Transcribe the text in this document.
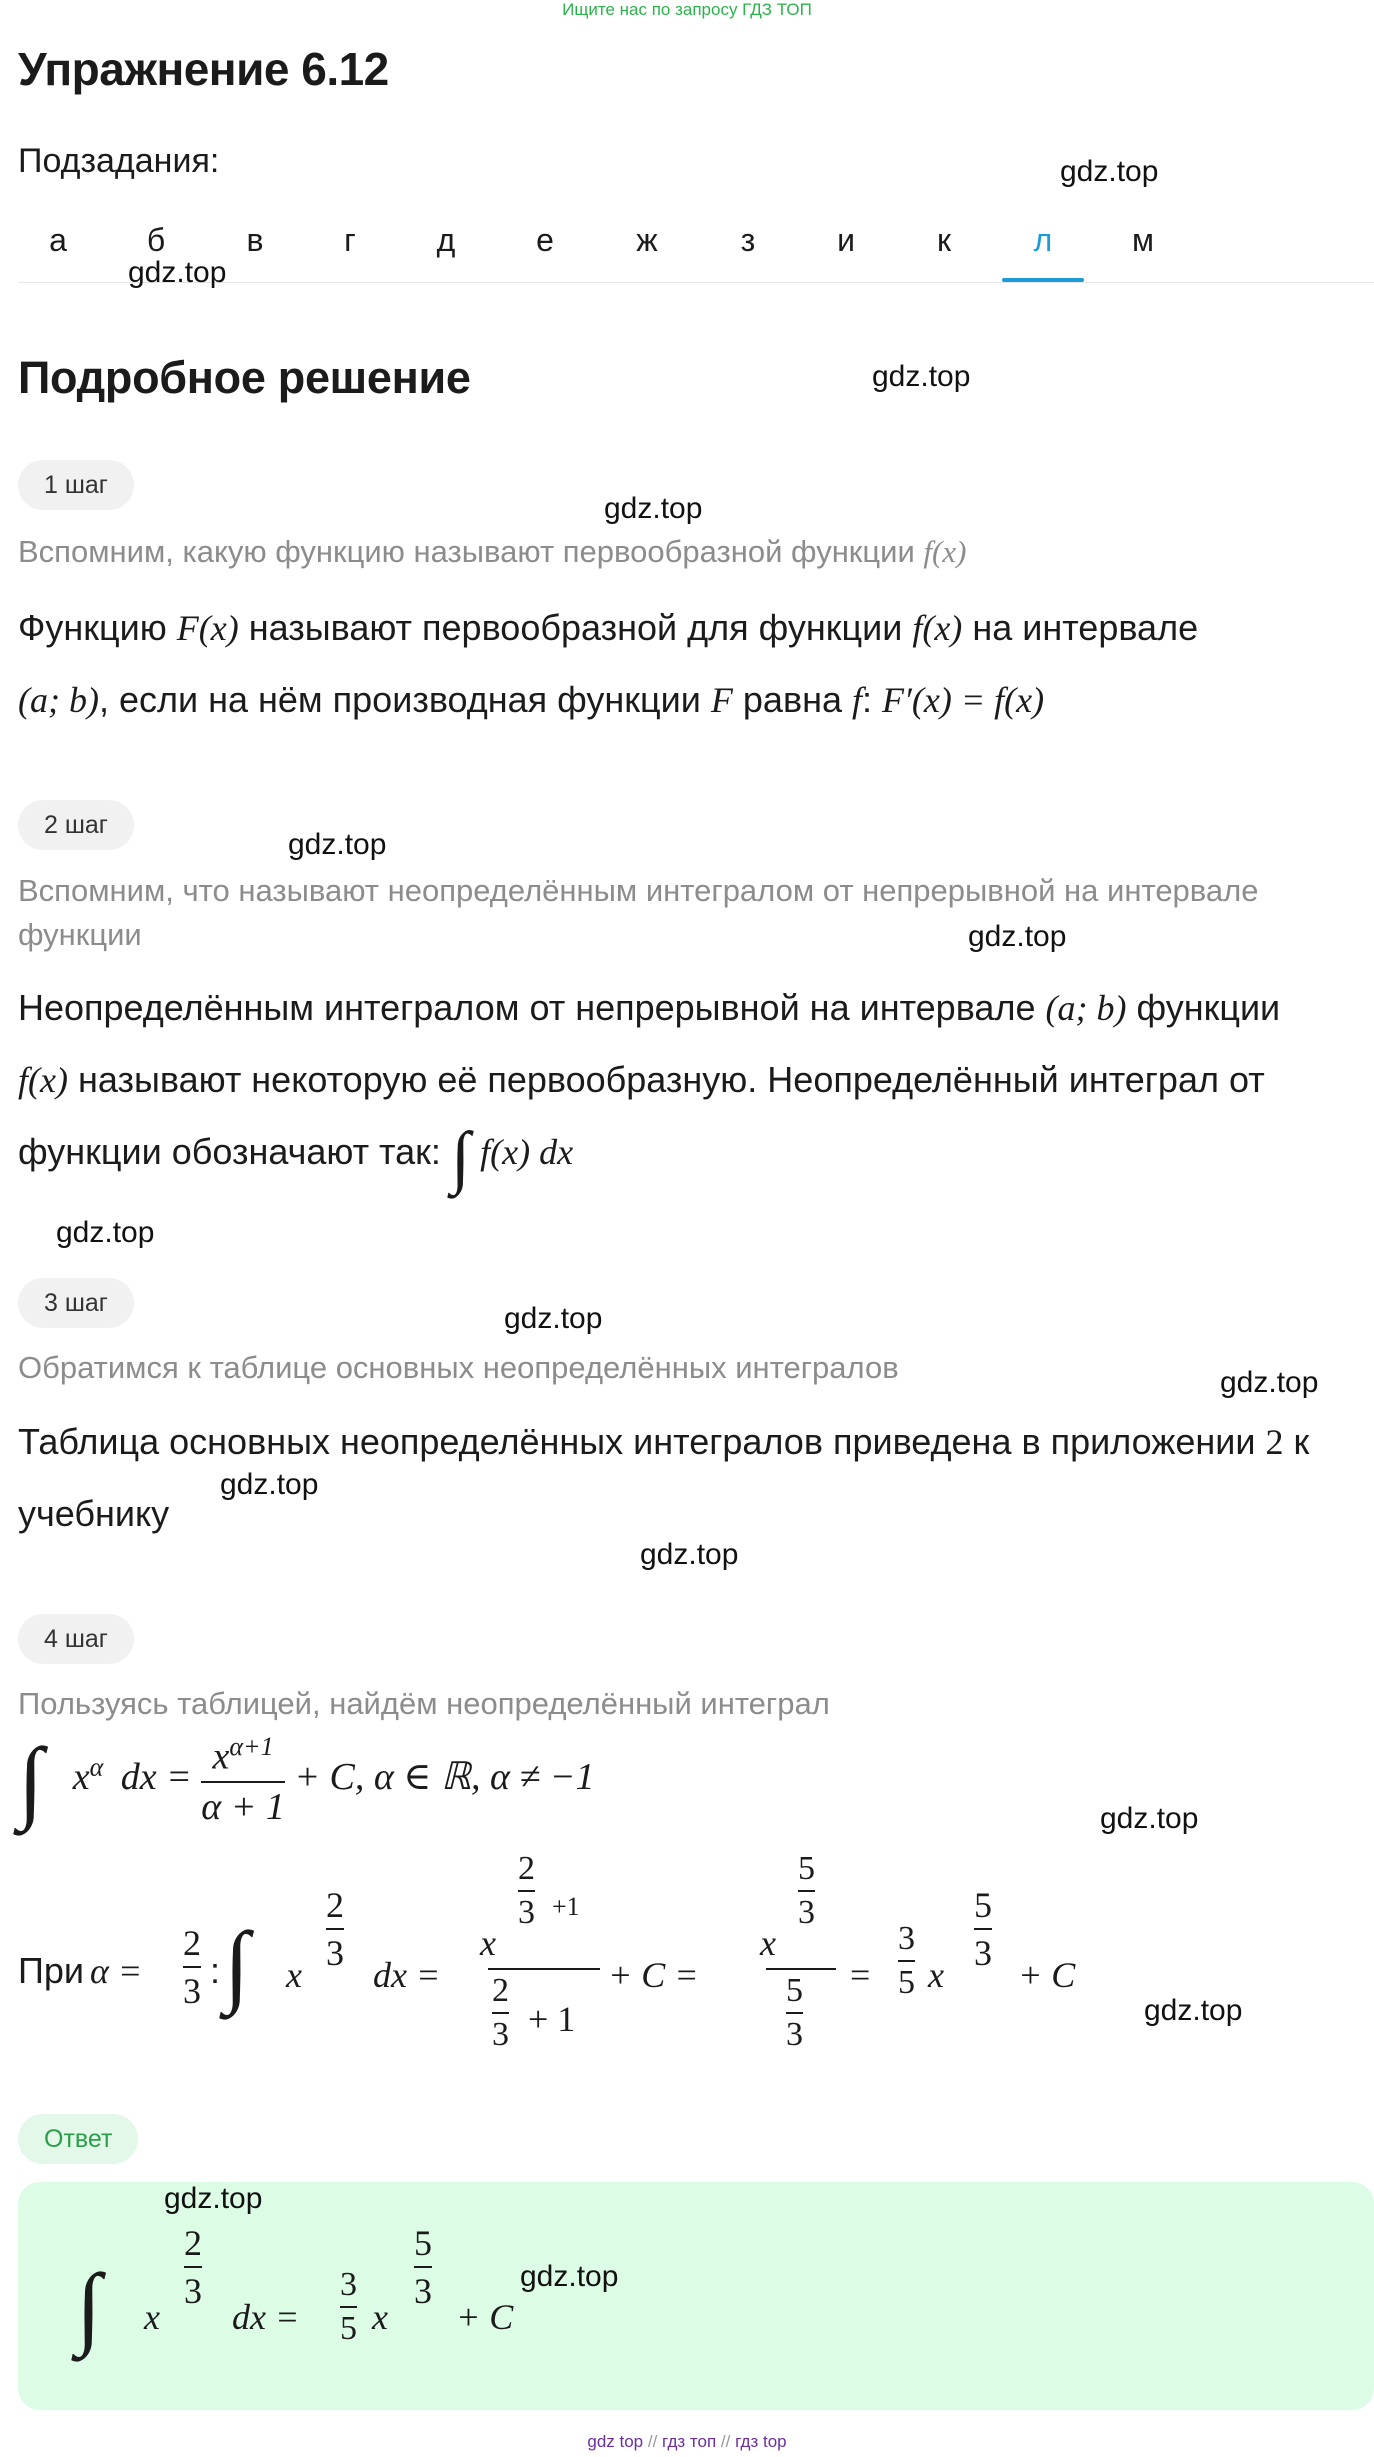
Ищите нас по запросу ГДЗ ТОП
Упражнение 6.12
Подзадания:
а	б	в	г	д	е	ж	з	и	к	л	м
Подробное решение
1 шаг
Вспомним, какую функцию называют первообразной функции f(x)
Функцию F(x) называют первообразной для функции f(x) на интервале
(a; b), если на нём производная функции F равна f: F′(x) = f(x)
2 шаг
Вспомним, что называют неопределённым интегралом от непрерывной на интервале функции
Неопределённым интегралом от непрерывной на интервале (a; b) функции
f(x) называют некоторую её первообразную. Неопределённый интеграл от функции обозначают так: ∫ f(x) dx
3 шаг
Обратимся к таблице основных неопределённых интегралов
Таблица основных неопределённых интегралов приведена в приложении 2 к учебнику
4 шаг
Пользуясь таблицей, найдём неопределённый интеграл
∫ $x^\alpha$ dx = $\frac{x^{\alpha+1}}{\alpha + 1} + C$, α ∈ ℝ, α ≠ −1
При α =
2
3 : ∫ x
2
3
dx =
x
2
3 +1
2
3 + 1
+ C =
x
5
3
5
3
=
3
5 x
5
3
+ C
Ответ
∫ x
2
3
dx =
3
5 x
5
3
+ C
gdz.top
gdz.top
gdz.top
gdz.top
gdz.top
gdz.top
gdz.top
gdz.top
gdz.top
gdz.top
gdz.top
gdz.top
gdz.top
gdz.top
gdz.top
gdz top // гдз топ // гдз top
